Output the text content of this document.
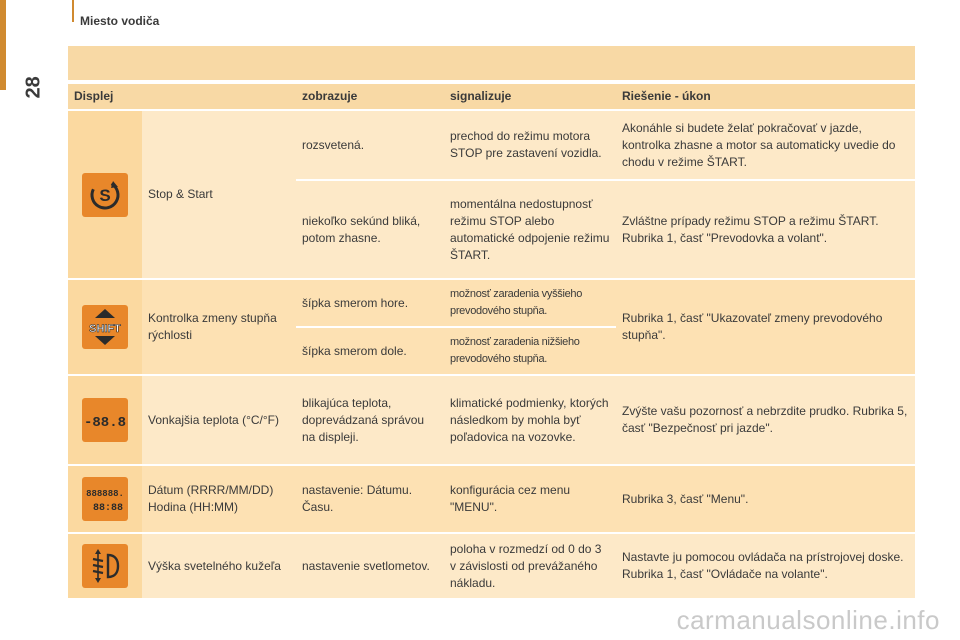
28
Miesto vodiča
Displej		zobrazuje	signalizuje	Riešenie - úkon

S	Stop & Start	rozsvetená.	prechod do režimu motora STOP pre zastavení vozidla.	Akonáhle si budete želať pokračovať v jazde, kontrolka zhasne a motor sa automaticky uvedie do chodu v režime ŠTART.
		niekoľko sekúnd bliká, potom zhasne.	momentálna nedostupnosť režimu STOP alebo automatické odpojenie režimu ŠTART.	Zvláštne prípady režimu STOP a režimu ŠTART. Rubrika 1, časť "Prevodovka a volant".

SHIFT	Kontrolka zmeny stupňa rýchlosti	šípka smerom hore.	možnosť zaradenia vyššieho prevodového stupňa.	Rubrika 1, časť "Ukazovateľ zmeny prevodového stupňa".
		šípka smerom dole.	možnosť zaradenia nižšieho prevodového stupňa.	

-88.8	Vonkajšia teplota (°C/°F)	blikajúca teplota, doprevádzaná správou na displeji.	klimatické podmienky, ktorých následkom by mohla byť poľadovica na vozovke.	Zvýšte vašu pozornosť a nebrzdite prudko. Rubrika 5, časť "Bezpečnosť pri jazde".

888888.
88:88	Dátum (RRRR/MM/DD) Hodina (HH:MM)	nastavenie: Dátumu. Času.	konfigurácia cez menu "MENU".	Rubrika 3, časť "Menu".

	Výška svetelného kužeľa	nastavenie svetlometov.	poloha v rozmedzí od 0 do 3 v závislosti od prevážaného nákladu.	Nastavte ju pomocou ovládača na prístrojovej doske. Rubrika 1, časť "Ovládače na volante".
carmanualsonline.info
